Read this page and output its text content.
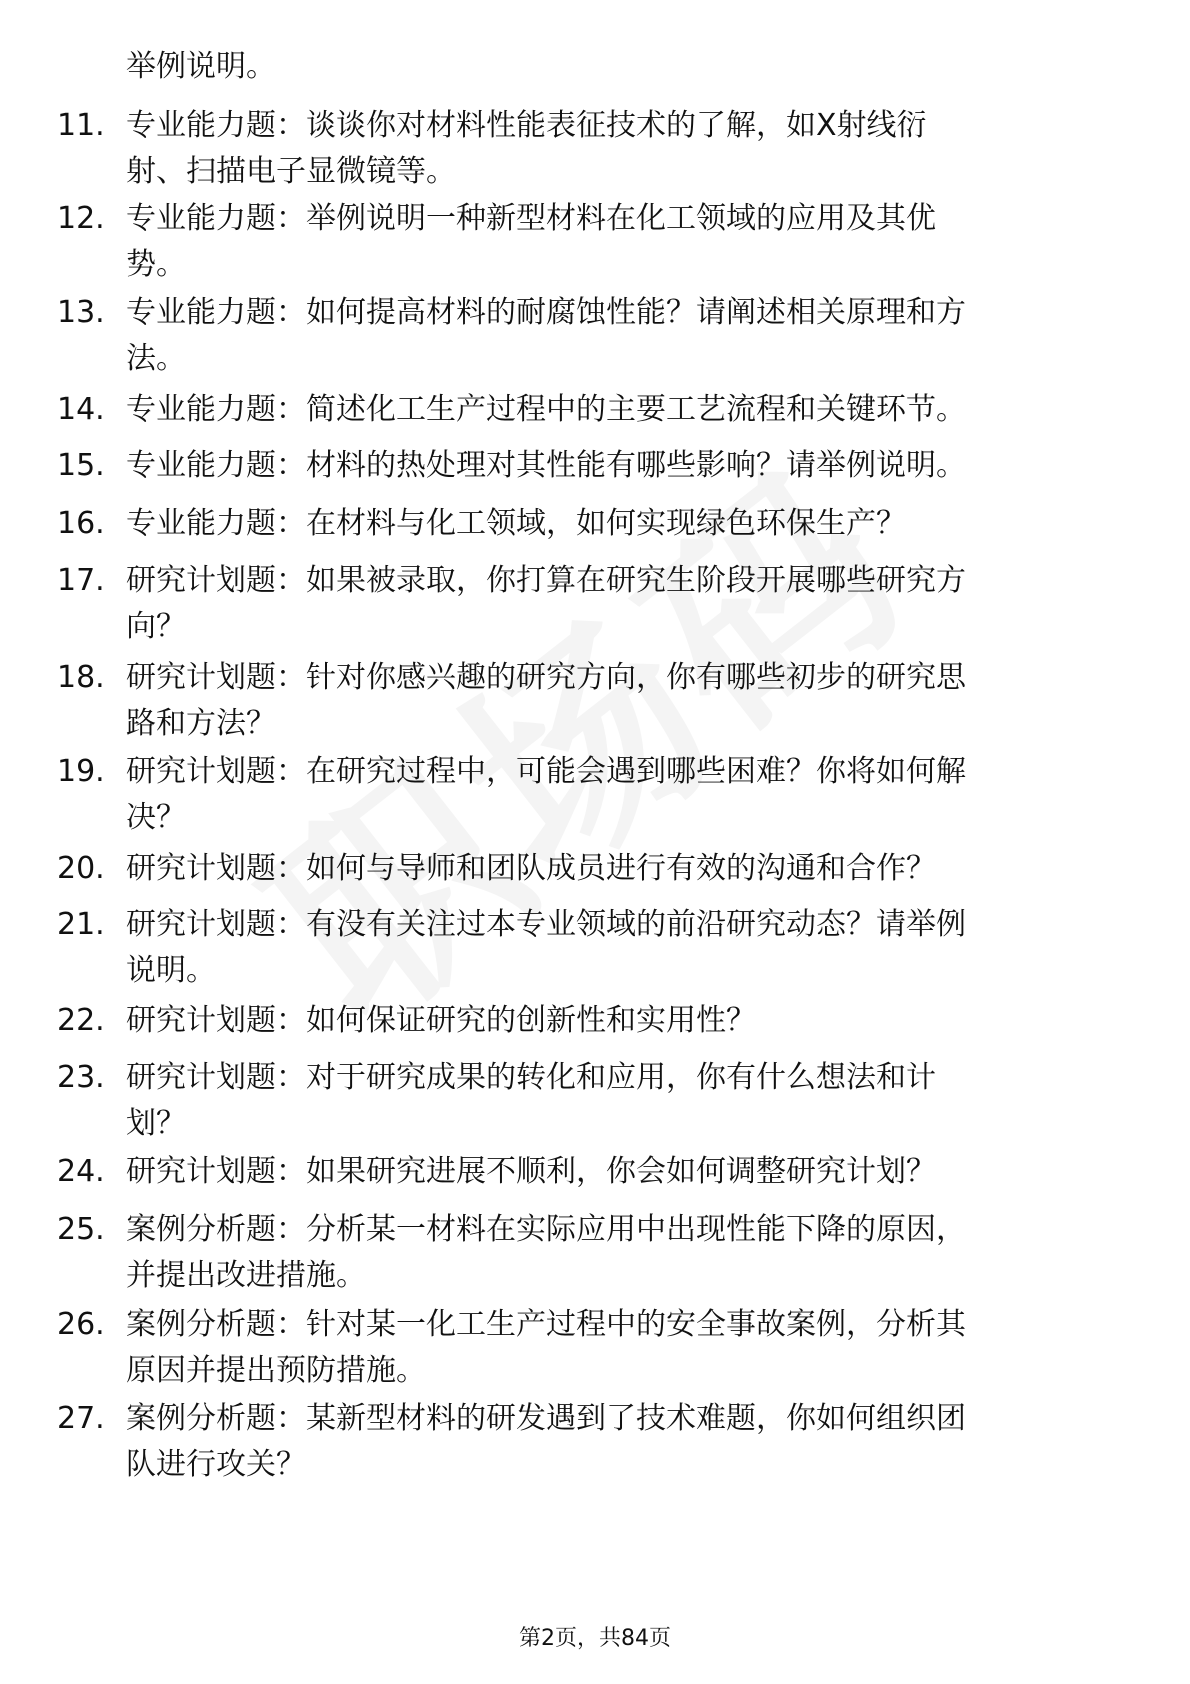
举例说明。
11. 专业能力题：谈谈你对材料性能表征技术的了解，如X射线衍
射、扫描电子显微镜等。
12. 专业能力题：举例说明一种新型材料在化工领域的应用及其优
势。
13. 专业能力题：如何提高材料的耐腐蚀性能？请阐述相关原理和方
法。
14. 专业能力题：简述化工生产过程中的主要工艺流程和关键环节。
15. 专业能力题：材料的热处理对其性能有哪些影响？请举例说明。
16. 专业能力题：在材料与化工领域，如何实现绿色环保生产？
17. 研究计划题：如果被录取，你打算在研究生阶段开展哪些研究方
向？
18. 研究计划题：针对你感兴趣的研究方向，你有哪些初步的研究思
路和方法？
19. 研究计划题：在研究过程中，可能会遇到哪些困难？你将如何解
决？
20. 研究计划题：如何与导师和团队成员进行有效的沟通和合作？
21. 研究计划题：有没有关注过本专业领域的前沿研究动态？请举例
说明。
22. 研究计划题：如何保证研究的创新性和实用性？
23. 研究计划题：对于研究成果的转化和应用，你有什么想法和计
划？
24. 研究计划题：如果研究进展不顺利，你会如何调整研究计划？
25. 案例分析题：分析某一材料在实际应用中出现性能下降的原因，
并提出改进措施。
26. 案例分析题：针对某一化工生产过程中的安全事故案例，分析其
原因并提出预防措施。
27. 案例分析题：某新型材料的研发遇到了技术难题，你如何组织团
队进行攻关？
第2页，共84页
